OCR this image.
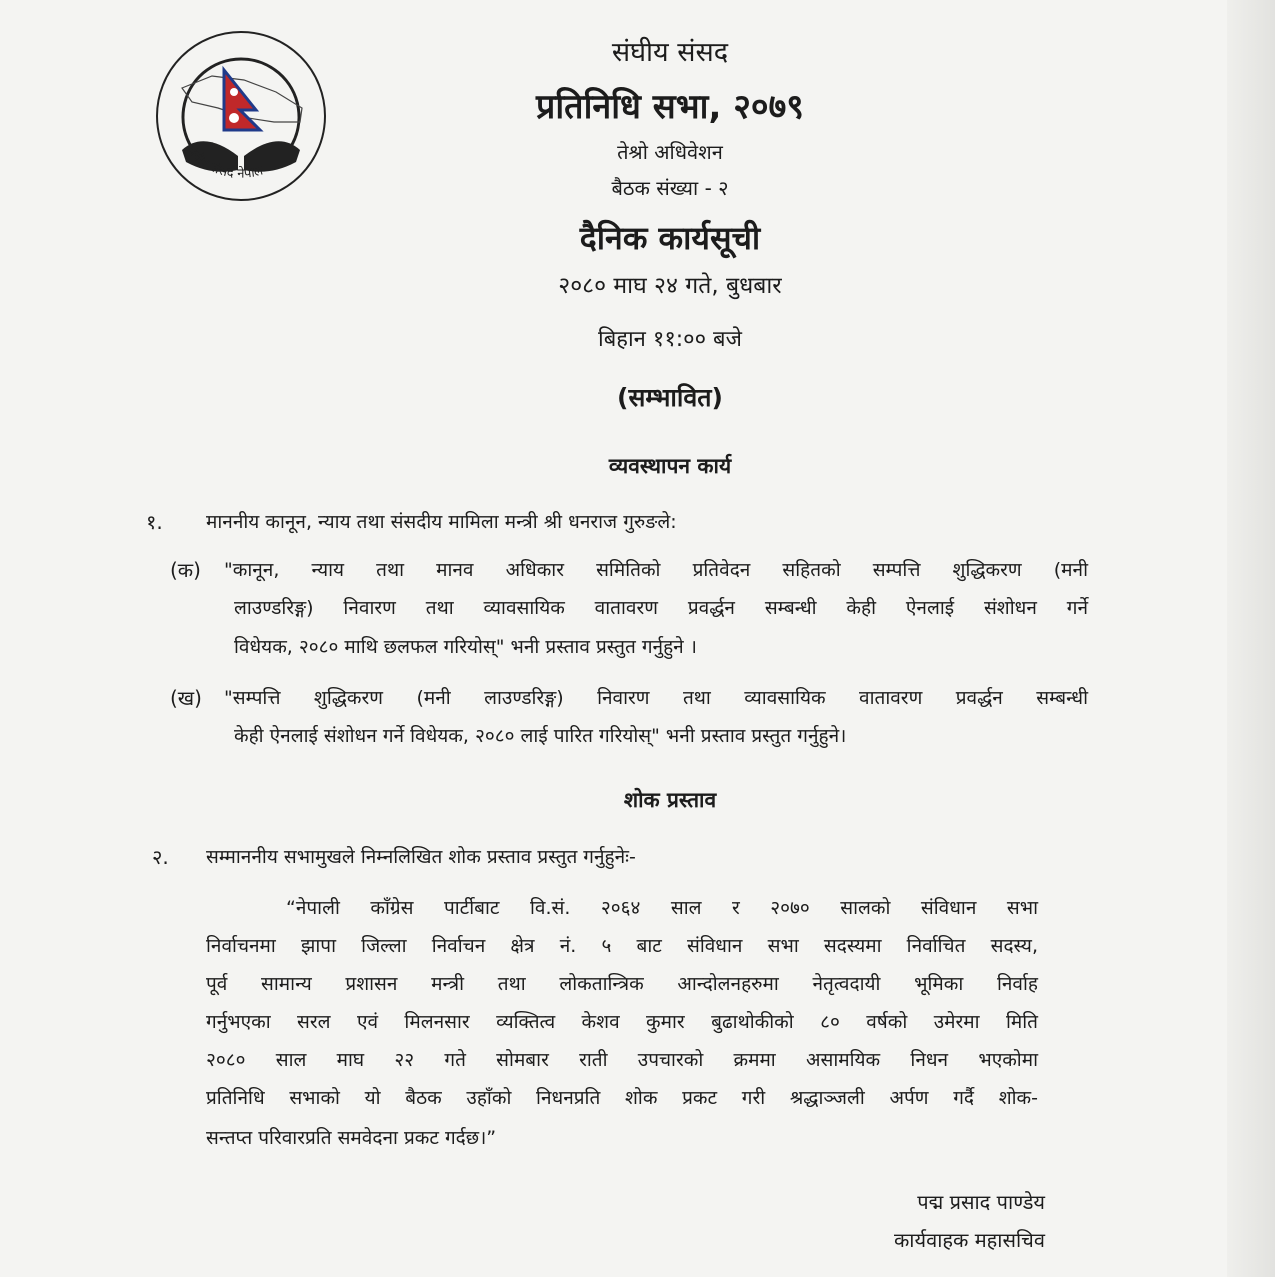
संघीय संसद नेपाल
संघीय संसद
प्रतिनिधि सभा, २०७९
तेश्रो अधिवेशन
बैठक संख्या - २
दैनिक कार्यसूची
२०८० माघ २४ गते, बुधबार
बिहान ११:०० बजे
(सम्भावित)
व्यवस्थापन कार्य
१. माननीय कानून, न्याय तथा संसदीय मामिला मन्त्री श्री धनराज गुरुङले:
(क) "कानून, न्याय तथा मानव अधिकार समितिको प्रतिवेदन सहितको सम्पत्ति शुद्धिकरण (मनी
लाउण्डरिङ्ग) निवारण तथा व्यावसायिक वातावरण प्रवर्द्धन सम्बन्धी केही ऐनलाई संशोधन गर्ने
विधेयक, २०८० माथि छलफल गरियोस्" भनी प्रस्ताव प्रस्तुत गर्नुहुने ।
(ख) "सम्पत्ति शुद्धिकरण (मनी लाउण्डरिङ्ग) निवारण तथा व्यावसायिक वातावरण प्रवर्द्धन सम्बन्धी
केही ऐनलाई संशोधन गर्ने विधेयक, २०८० लाई पारित गरियोस्" भनी प्रस्ताव प्रस्तुत गर्नुहुने।
शोक प्रस्ताव
२. सम्माननीय सभामुखले निम्नलिखित शोक प्रस्ताव प्रस्तुत गर्नुहुनेः-
“नेपाली काँग्रेस पार्टीबाट वि.सं. २०६४ साल र २०७० सालको संविधान सभा
निर्वाचनमा झापा जिल्ला निर्वाचन क्षेत्र नं. ५ बाट संविधान सभा सदस्यमा निर्वाचित सदस्य,
पूर्व सामान्य प्रशासन मन्त्री तथा लोकतान्त्रिक आन्दोलनहरुमा नेतृत्वदायी भूमिका निर्वाह
गर्नुभएका सरल एवं मिलनसार व्यक्तित्व केशव कुमार बुढाथोकीको ८० वर्षको उमेरमा मिति
२०८० साल माघ २२ गते सोमबार राती उपचारको क्रममा असामयिक निधन भएकोमा
प्रतिनिधि सभाको यो बैठक उहाँको निधनप्रति शोक प्रकट गरी श्रद्धाञ्जली अर्पण गर्दै शोक-
सन्तप्त परिवारप्रति समवेदना प्रकट गर्दछ।”
पद्म प्रसाद पाण्डेय
कार्यवाहक महासचिव
